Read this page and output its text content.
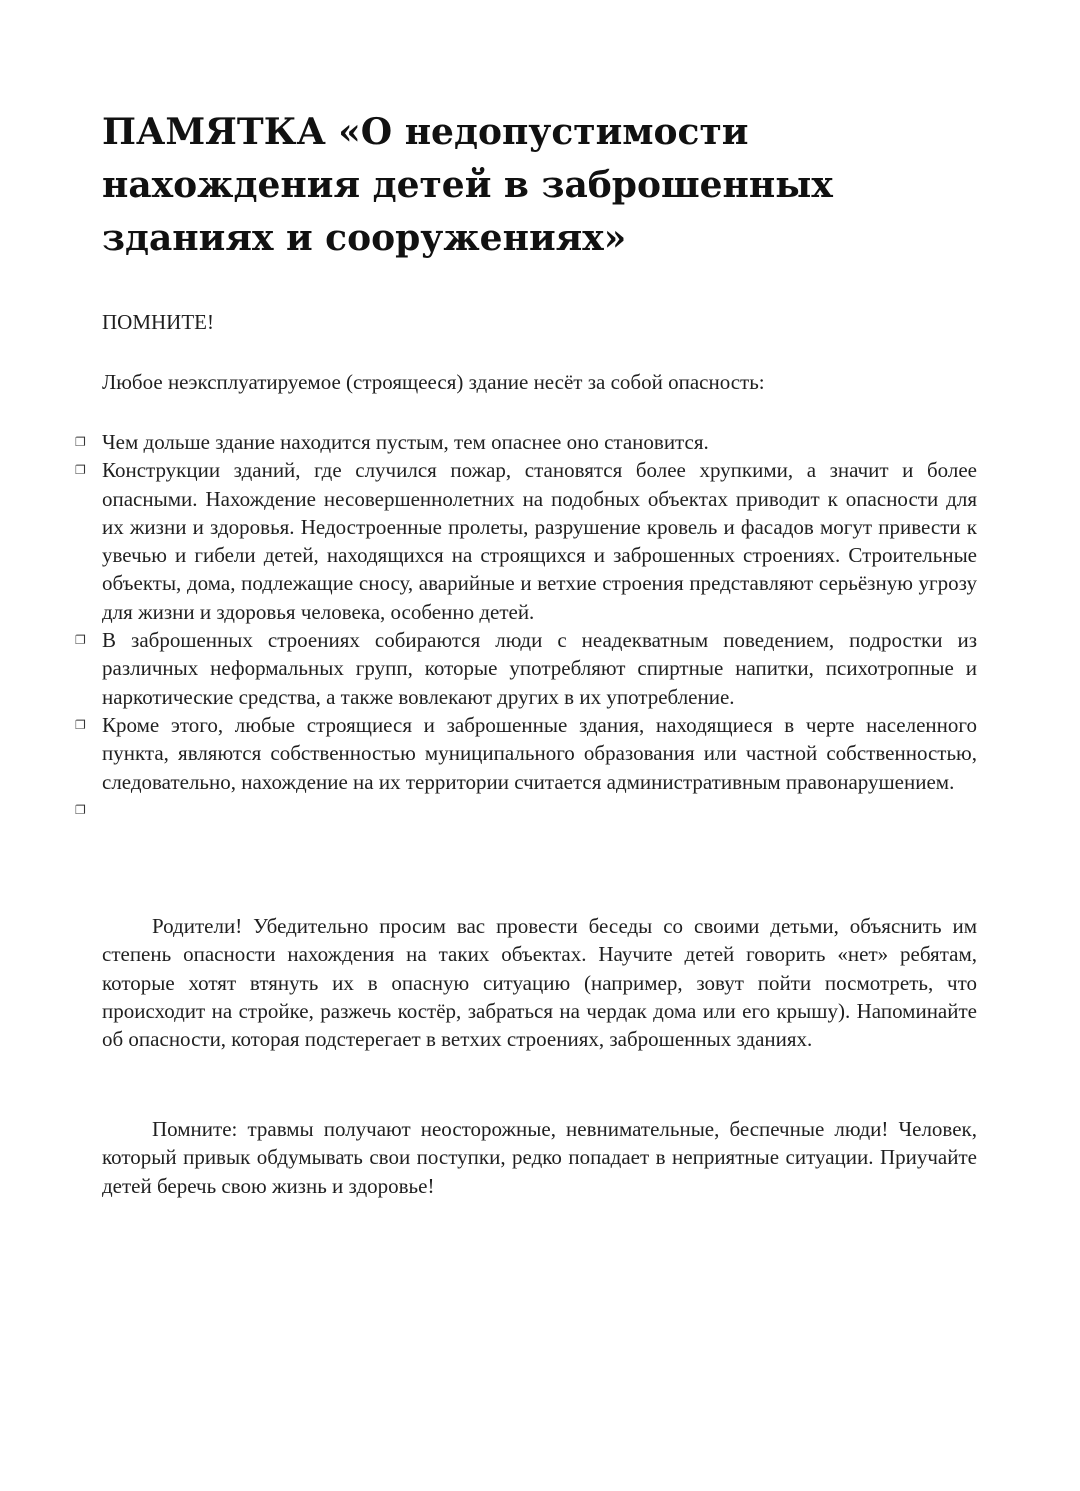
ПАМЯТКА «О недопустимости нахождения детей в заброшенных зданиях и сооружениях»

ПОМНИТЕ!

Любое неэксплуатируемое (строящееся) здание несёт за собой опасность:

❐ Чем дольше здание находится пустым, тем опаснее оно становится.
❐ Конструкции зданий, где случился пожар, становятся более хрупкими, а значит и более опасными. Нахождение несовершеннолетних на подобных объектах приводит к опасности для их жизни и здоровья. Недостроенные пролеты, разрушение кровель и фасадов могут привести к увечью и гибели детей, находящихся на строящихся и заброшенных строениях. Строительные объекты, дома, подлежащие сносу, аварийные и ветхие строения представляют серьёзную угрозу для жизни и здоровья человека, особенно детей.
❐ В заброшенных строениях собираются люди с неадекватным поведением, подростки из различных неформальных групп, которые употребляют спиртные напитки, психотропные и наркотические средства, а также вовлекают других в их употребление.
❐ Кроме этого, любые строящиеся и заброшенные здания, находящиеся в черте населенного пункта, являются собственностью муниципального образования или частной собственностью, следовательно, нахождение на их территории считается административным правонарушением.
❐

Родители! Убедительно просим вас провести беседы со своими детьми, объяснить им степень опасности нахождения на таких объектах. Научите детей говорить «нет» ребятам, которые хотят втянуть их в опасную ситуацию (например, зовут пойти посмотреть, что происходит на стройке, разжечь костёр, забраться на чердак дома или его крышу). Напоминайте об опасности, которая подстерегает в ветхих строениях, заброшенных зданиях.

Помните: травмы получают неосторожные, невнимательные, беспечные люди! Человек, который привык обдумывать свои поступки, редко попадает в неприятные ситуации. Приучайте детей беречь свою жизнь и здоровье!
